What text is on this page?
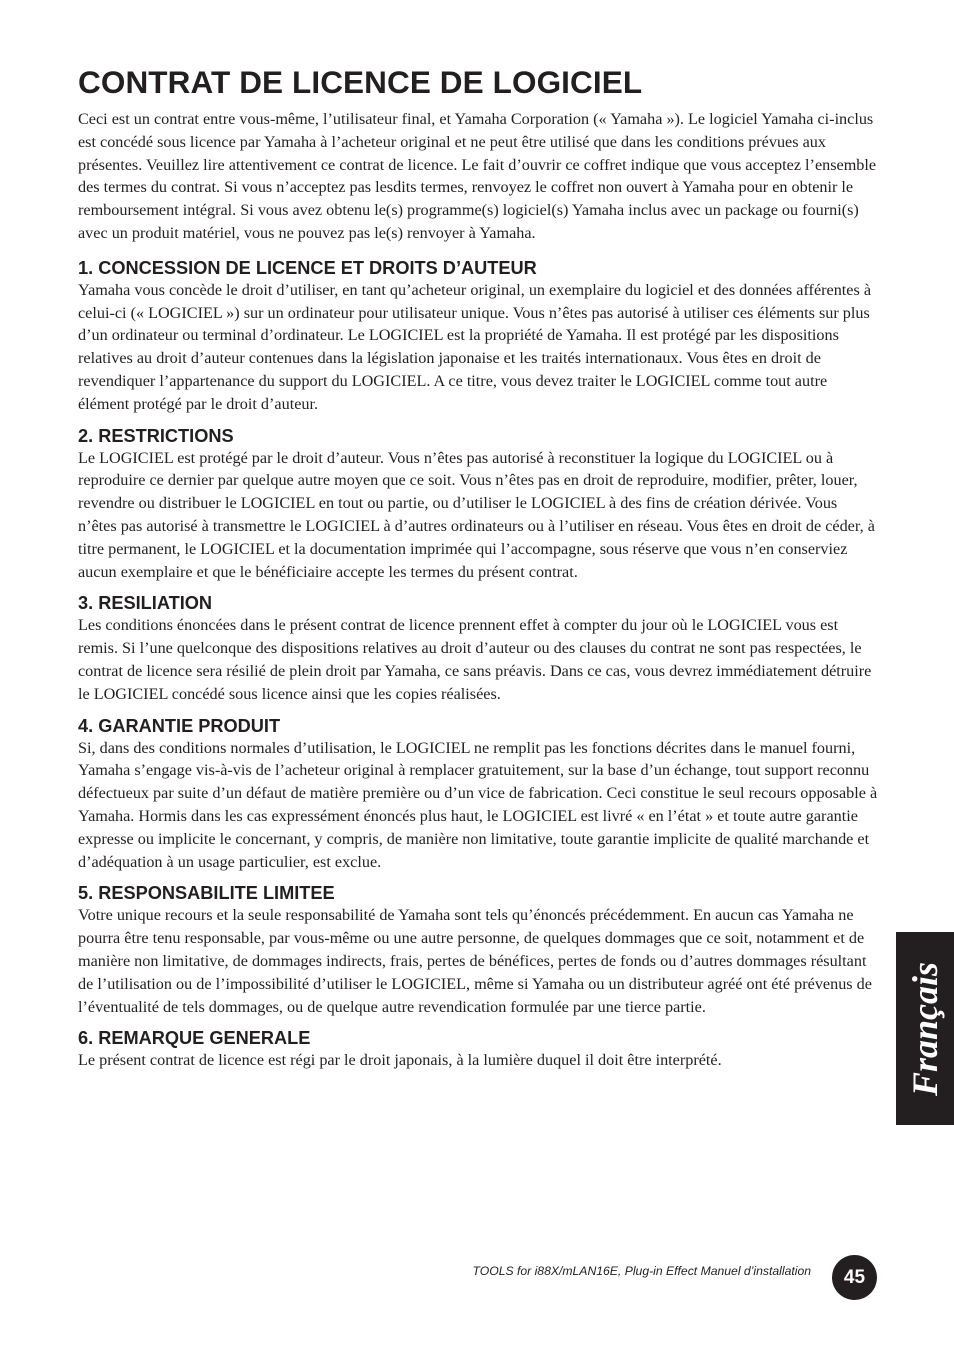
CONTRAT DE LICENCE DE LOGICIEL

Ceci est un contrat entre vous-même, l’utilisateur final, et Yamaha Corporation (« Yamaha »). Le logiciel Yamaha ci-inclus est concédé sous licence par Yamaha à l’acheteur original et ne peut être utilisé que dans les conditions prévues aux présentes. Veuillez lire attentivement ce contrat de licence. Le fait d’ouvrir ce coffret indique que vous acceptez l’ensemble des termes du contrat. Si vous n’acceptez pas lesdits termes, renvoyez le coffret non ouvert à Yamaha pour en obtenir le remboursement intégral. Si vous avez obtenu le(s) programme(s) logiciel(s) Yamaha inclus avec un package ou fourni(s) avec un produit matériel, vous ne pouvez pas le(s) renvoyer à Yamaha.

1. CONCESSION DE LICENCE ET DROITS D’AUTEUR

Yamaha vous concède le droit d’utiliser, en tant qu’acheteur original, un exemplaire du logiciel et des données afférentes à celui-ci (« LOGICIEL ») sur un ordinateur pour utilisateur unique. Vous n’êtes pas autorisé à utiliser ces éléments sur plus d’un ordinateur ou terminal d’ordinateur. Le LOGICIEL est la propriété de Yamaha. Il est protégé par les dispositions relatives au droit d’auteur contenues dans la législation japonaise et les traités internationaux. Vous êtes en droit de revendiquer l’appartenance du support du LOGICIEL. A ce titre, vous devez traiter le LOGICIEL comme tout autre élément protégé par le droit d’auteur.

2. RESTRICTIONS

Le LOGICIEL est protégé par le droit d’auteur. Vous n’êtes pas autorisé à reconstituer la logique du LOGICIEL ou à reproduire ce dernier par quelque autre moyen que ce soit. Vous n’êtes pas en droit de reproduire, modifier, prêter, louer, revendre ou distribuer le LOGICIEL en tout ou partie, ou d’utiliser le LOGICIEL à des fins de création dérivée. Vous n’êtes pas autorisé à transmettre le LOGICIEL à d’autres ordinateurs ou à l’utiliser en réseau. Vous êtes en droit de céder, à titre permanent, le LOGICIEL et la documentation imprimée qui l’accompagne, sous réserve que vous n’en conserviez aucun exemplaire et que le bénéficiaire accepte les termes du présent contrat.

3. RESILIATION

Les conditions énoncées dans le présent contrat de licence prennent effet à compter du jour où le LOGICIEL vous est remis. Si l’une quelconque des dispositions relatives au droit d’auteur ou des clauses du contrat ne sont pas respectées, le contrat de licence sera résilié de plein droit par Yamaha, ce sans préavis. Dans ce cas, vous devrez immédiatement détruire le LOGICIEL concédé sous licence ainsi que les copies réalisées.

4. GARANTIE PRODUIT

Si, dans des conditions normales d’utilisation, le LOGICIEL ne remplit pas les fonctions décrites dans le manuel fourni, Yamaha s’engage vis-à-vis de l’acheteur original à remplacer gratuitement, sur la base d’un échange, tout support reconnu défectueux par suite d’un défaut de matière première ou d’un vice de fabrication. Ceci constitue le seul recours opposable à Yamaha. Hormis dans les cas expressément énoncés plus haut, le LOGICIEL est livré « en l’état » et toute autre garantie expresse ou implicite le concernant, y compris, de manière non limitative, toute garantie implicite de qualité marchande et d’adéquation à un usage particulier, est exclue.

5. RESPONSABILITE LIMITEE

Votre unique recours et la seule responsabilité de Yamaha sont tels qu’énoncés précédemment. En aucun cas Yamaha ne pourra être tenu responsable, par vous-même ou une autre personne, de quelques dommages que ce soit, notamment et de manière non limitative, de dommages indirects, frais, pertes de bénéfices, pertes de fonds ou d’autres dommages résultant de l’utilisation ou de l’impossibilité d’utiliser le LOGICIEL, même si Yamaha ou un distributeur agréé ont été prévenus de l’éventualité de tels dommages, ou de quelque autre revendication formulée par une tierce partie.

6. REMARQUE GENERALE

Le présent contrat de licence est régi par le droit japonais, à la lumière duquel il doit être interprété.	Français
TOOLS for i88X/mLAN16E, Plug-in Effect Manuel d’installation	45
